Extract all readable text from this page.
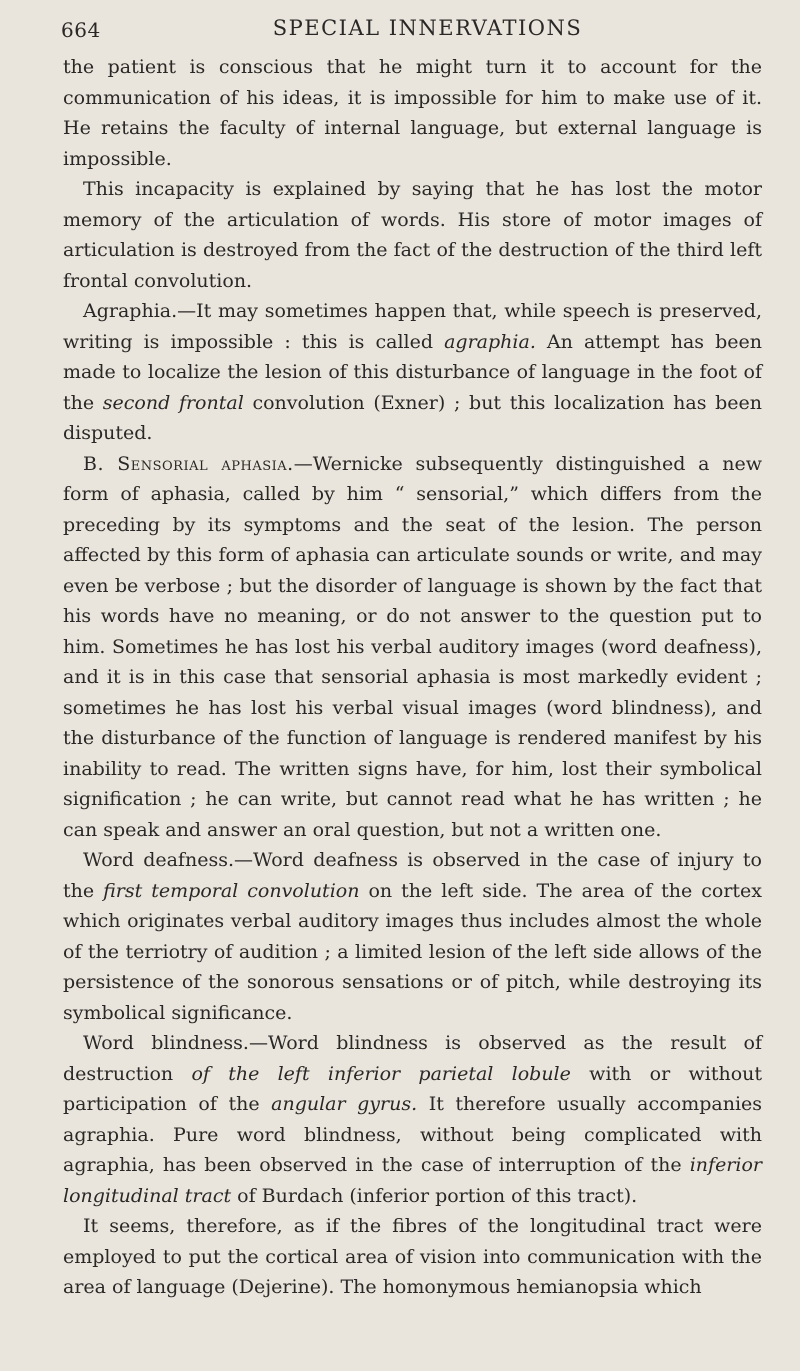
664	SPECIAL INNERVATIONS

the patient is conscious that he might turn it to account for the communication of his ideas, it is impossible for him to make use of it. He retains the faculty of internal language, but external language is impossible.

This incapacity is explained by saying that he has lost the motor memory of the articulation of words. His store of motor images of articulation is destroyed from the fact of the destruction of the third left frontal convolution.

Agraphia.—It may sometimes happen that, while speech is preserved, writing is impossible : this is called agraphia. An attempt has been made to localize the lesion of this disturbance of language in the foot of the second frontal convolution (Exner) ; but this localization has been disputed.

B. Sensorial aphasia.—Wernicke subsequently distinguished a new form of aphasia, called by him “ sensorial,” which differs from the preceding by its symptoms and the seat of the lesion. The person affected by this form of aphasia can articulate sounds or write, and may even be verbose ; but the disorder of language is shown by the fact that his words have no meaning, or do not answer to the question put to him. Sometimes he has lost his verbal auditory images (word deafness), and it is in this case that sensorial aphasia is most markedly evident ; sometimes he has lost his verbal visual images (word blindness), and the disturbance of the function of language is rendered manifest by his inability to read. The written signs have, for him, lost their symbolical signification ; he can write, but cannot read what he has written ; he can speak and answer an oral question, but not a written one.

Word deafness.—Word deafness is observed in the case of injury to the first temporal convolution on the left side. The area of the cortex which originates verbal auditory images thus includes almost the whole of the terriotry of audition ; a limited lesion of the left side allows of the persistence of the sonorous sensations or of pitch, while destroying its symbolical significance.

Word blindness.—Word blindness is observed as the result of destruction of the left inferior parietal lobule with or without participation of the angular gyrus. It therefore usually accompanies agraphia. Pure word blindness, without being complicated with agraphia, has been observed in the case of interruption of the inferior longitudinal tract of Burdach (inferior portion of this tract).

It seems, therefore, as if the fibres of the longitudinal tract were employed to put the cortical area of vision into communication with the area of language (Dejerine). The homonymous hemianopsia which
